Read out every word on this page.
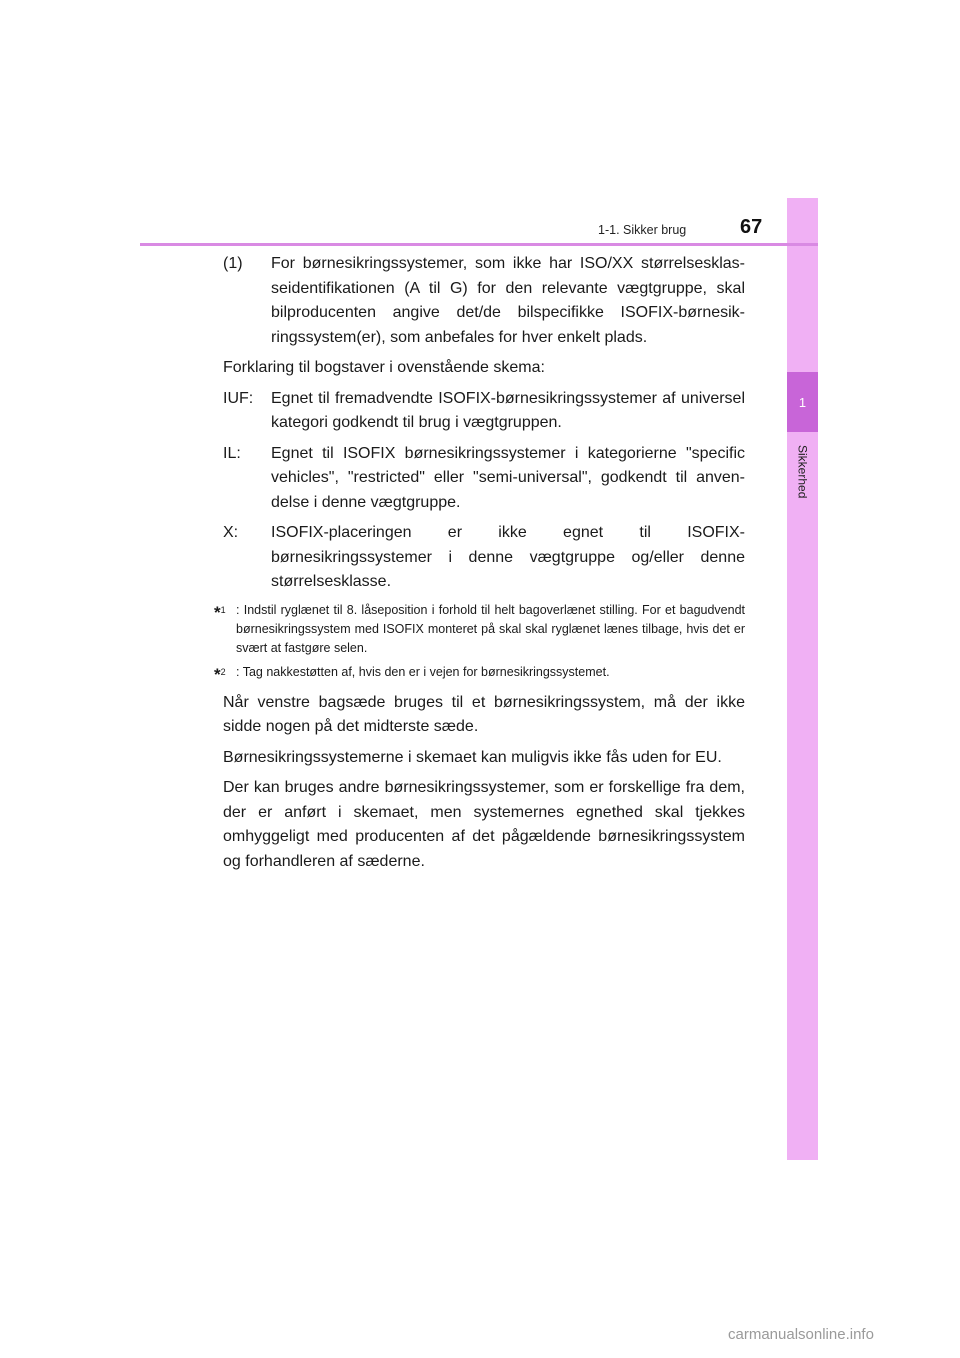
1
Sikkerhed
1-1. Sikker brug	67
(1)	For børnesikringssystemer, som ikke har ISO/XX størrelsesklas-seidentifikationen (A til G) for den relevante vægtgruppe, skal bilproducenten angive det/de bilspecifikke ISOFIX-børnesik-ringssystem(er), som anbefales for hver enkelt plads.

Forklaring til bogstaver i ovenstående skema:

IUF:	Egnet til fremadvendte ISOFIX-børnesikringssystemer af universel kategori godkendt til brug i vægtgruppen.
IL:	Egnet til ISOFIX børnesikringssystemer i kategorierne "specific vehicles", "restricted" eller "semi-universal", godkendt til anven-delse i denne vægtgruppe.
X:	ISOFIX-placeringen er ikke egnet til ISOFIX-børnesikringssystemer i denne vægtgruppe og/eller denne størrelsesklasse.
*$^1$ : Indstil ryglænet til 8. låseposition i forhold til helt bagoverlænet stilling. For et bagudvendt børnesikringssystem med ISOFIX monteret på skal skal ryglænet lænes tilbage, hvis det er svært at fastgøre selen.
*$^2$ : Tag nakkestøtten af, hvis den er i vejen for børnesikringssystemet.

Når venstre bagsæde bruges til et børnesikringssystem, må der ikke sidde nogen på det midterste sæde.

Børnesikringssystemerne i skemaet kan muligvis ikke fås uden for EU.

Der kan bruges andre børnesikringssystemer, som er forskellige fra dem, der er anført i skemaet, men systemernes egnethed skal tjekkes omhyggeligt med producenten af det pågældende børnesikringssystem og forhandleren af sæderne.

carmanualsonline.info
